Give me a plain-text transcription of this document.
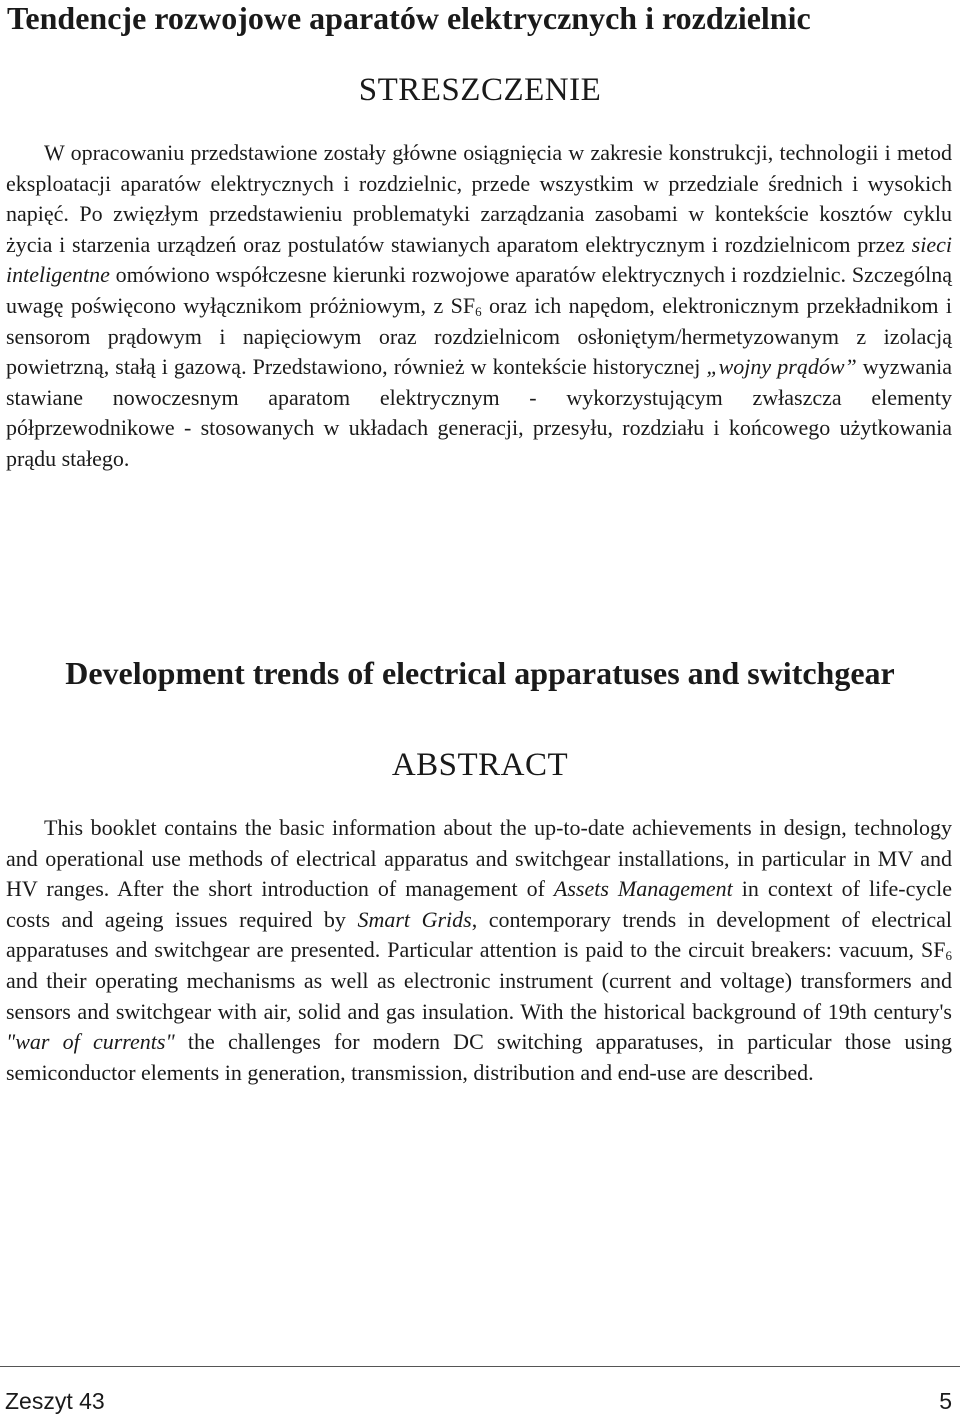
Tendencje rozwojowe aparatów elektrycznych i rozdzielnic
STRESZCZENIE

W opracowaniu przedstawione zostały główne osiągnięcia w zakresie konstrukcji, technologii i metod eksploatacji aparatów elektrycznych i rozdzielnic, przede wszystkim w przedziale średnich i wysokich napięć. Po zwięzłym przedstawieniu problematyki zarządzania zasobami w kontekście kosztów cyklu życia i starzenia urządzeń oraz postulatów stawianych aparatom elektrycznym i rozdzielnicom przez sieci inteligentne omówiono współczesne kierunki rozwojowe aparatów elektrycznych i rozdzielnic. Szczególną uwagę poświęcono wyłącznikom próżniowym, z $SF_6$ oraz ich napędom, elektronicznym przekładnikom i sensorom prądowym i napięciowym oraz rozdzielnicom osłoniętym/hermetyzowanym z izolacją powietrzną, stałą i gazową. Przedstawiono, również w kontekście historycznej „wojny prądów” wyzwania stawiane nowoczesnym aparatom elektrycznym - wykorzystującym zwłaszcza elementy półprzewodnikowe - stosowanych w układach generacji, przesyłu, rozdziału i końcowego użytkowania prądu stałego.

Development trends of electrical apparatuses and switchgear
ABSTRACT

This booklet contains the basic information about the up-to-date achievements in design, technology and operational use methods of electrical apparatus and switchgear installations, in particular in MV and HV ranges. After the short introduction of management of Assets Management in context of life-cycle costs and ageing issues required by Smart Grids, contemporary trends in development of electrical apparatuses and switchgear are presented. Particular attention is paid to the circuit breakers: vacuum, $SF_6$ and their operating mechanisms as well as electronic instrument (current and voltage) transformers and sensors and switchgear with air, solid and gas insulation. With the historical background of 19th century's "war of currents" the challenges for modern DC switching apparatuses, in particular those using semiconductor elements in generation, transmission, distribution and end-use are described.

Zeszyt 43	5
